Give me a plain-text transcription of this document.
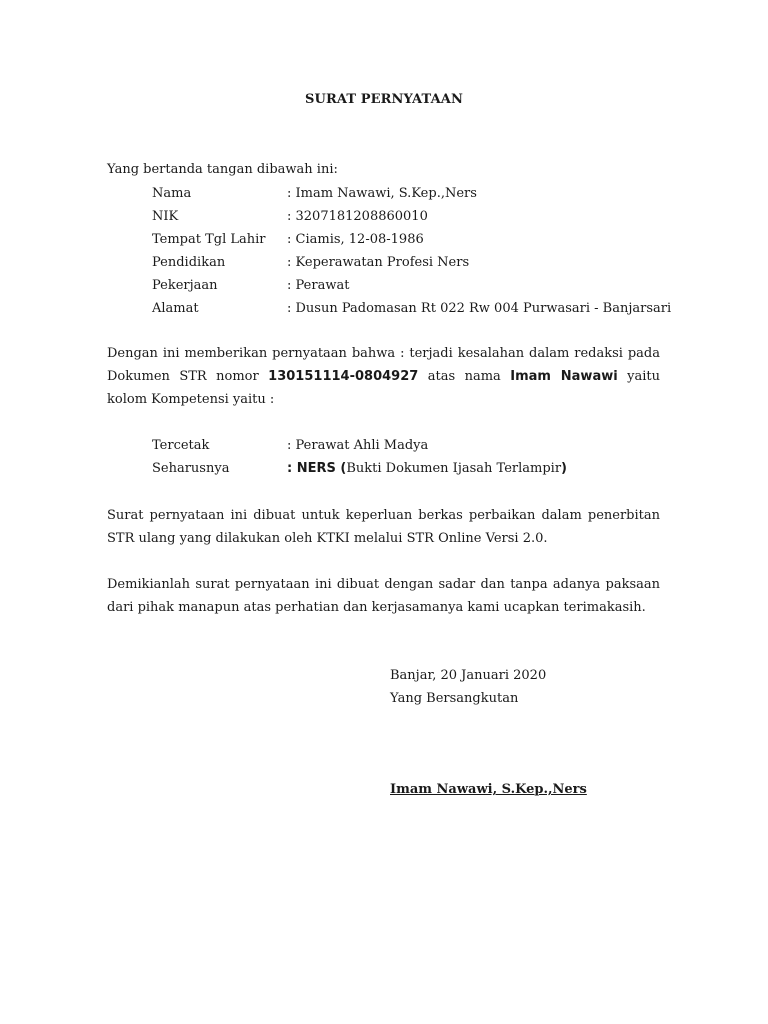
SURAT PERNYATAAN
Yang bertanda tangan dibawah ini:
Nama	: Imam Nawawi, S.Kep.,Ners
NIK	: 3207181208860010
Tempat Tgl Lahir : Ciamis, 12-08-1986
Pendidikan	: Keperawatan Profesi Ners
Pekerjaan	: Perawat
Alamat	: Dusun Padomasan Rt 022 Rw 004 Purwasari - Banjarsari
Dengan ini memberikan pernyataan bahwa : terjadi kesalahan dalam redaksi pada Dokumen STR nomor 130151114-0804927 atas nama Imam Nawawi yaitu kolom Kompetensi yaitu :
Tercetak	: Perawat Ahli Madya
Seharusnya	: NERS (Bukti Dokumen Ijasah Terlampir)
Surat pernyataan ini dibuat untuk keperluan berkas perbaikan dalam penerbitan STR ulang yang dilakukan oleh KTKI melalui STR Online Versi 2.0.
Demikianlah surat pernyataan ini dibuat dengan sadar dan tanpa adanya paksaan dari pihak manapun atas perhatian dan kerjasamanya kami ucapkan terimakasih.
Banjar, 20 Januari 2020
Yang Bersangkutan
Imam Nawawi, S.Kep.,Ners
